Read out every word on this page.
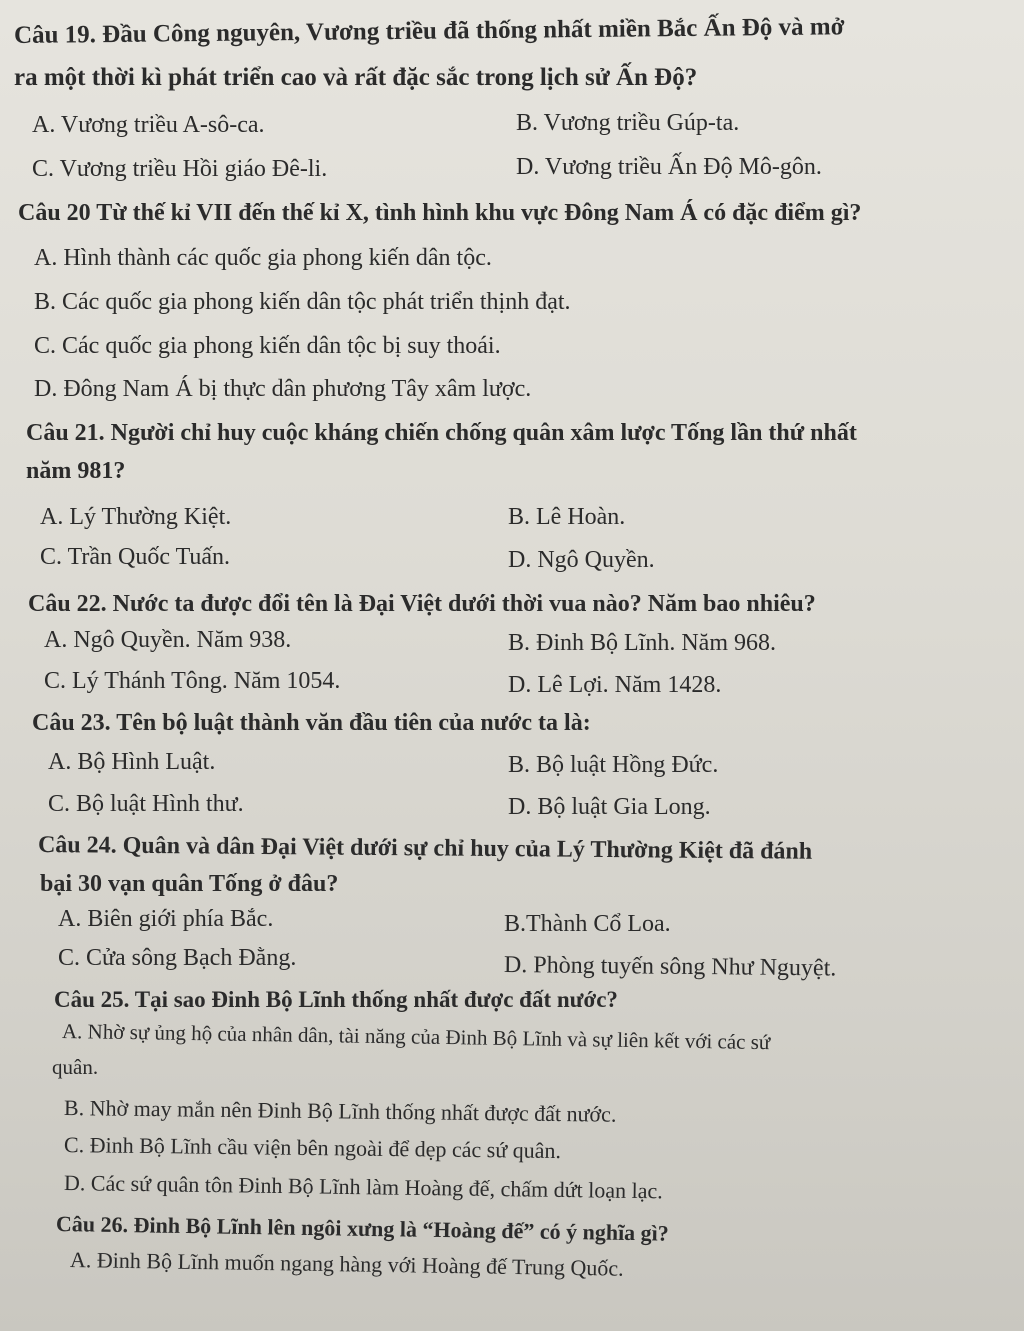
Câu 19. Đầu Công nguyên, Vương triều đã thống nhất miền Bắc Ấn Độ và mở
ra một thời kì phát triển cao và rất đặc sắc trong lịch sử Ấn Độ?
A. Vương triều A-sô-ca.	B. Vương triều Gúp-ta.
C. Vương triều Hồi giáo Đê-li.	D. Vương triều Ấn Độ Mô-gôn.
Câu 20 Từ thế kỉ VII đến thế kỉ X, tình hình khu vực Đông Nam Á có đặc điểm gì?
A. Hình thành các quốc gia phong kiến dân tộc.
B. Các quốc gia phong kiến dân tộc phát triển thịnh đạt.
C. Các quốc gia phong kiến dân tộc bị suy thoái.
D. Đông Nam Á bị thực dân phương Tây xâm lược.
Câu 21. Người chỉ huy cuộc kháng chiến chống quân xâm lược Tống lần thứ nhất
năm 981?
A. Lý Thường Kiệt.	B. Lê Hoàn.
C. Trần Quốc Tuấn.	D. Ngô Quyền.
Câu 22. Nước ta được đổi tên là Đại Việt dưới thời vua nào? Năm bao nhiêu?
A. Ngô Quyền. Năm 938.	B. Đinh Bộ Lĩnh. Năm 968.
C. Lý Thánh Tông. Năm 1054.	D. Lê Lợi. Năm 1428.
Câu 23. Tên bộ luật thành văn đầu tiên của nước ta là:
A. Bộ Hình Luật.	B. Bộ luật Hồng Đức.
C. Bộ luật Hình thư.	D. Bộ luật Gia Long.
Câu 24. Quân và dân Đại Việt dưới sự chỉ huy của Lý Thường Kiệt đã đánh
bại 30 vạn quân Tống ở đâu?
A. Biên giới phía Bắc.	B.Thành Cổ Loa.
C. Cửa sông Bạch Đằng.	D. Phòng tuyến sông Như Nguyệt.
Câu 25. Tại sao Đinh Bộ Lĩnh thống nhất được đất nước?
A. Nhờ sự ủng hộ của nhân dân, tài năng của Đinh Bộ Lĩnh và sự liên kết với các sứ
quân.
B. Nhờ may mắn nên Đinh Bộ Lĩnh thống nhất được đất nước.
C. Đinh Bộ Lĩnh cầu viện bên ngoài để dẹp các sứ quân.
D. Các sứ quân tôn Đinh Bộ Lĩnh làm Hoàng đế, chấm dứt loạn lạc.
Câu 26. Đinh Bộ Lĩnh lên ngôi xưng là “Hoàng đế” có ý nghĩa gì?
A. Đinh Bộ Lĩnh muốn ngang hàng với Hoàng đế Trung Quốc.
